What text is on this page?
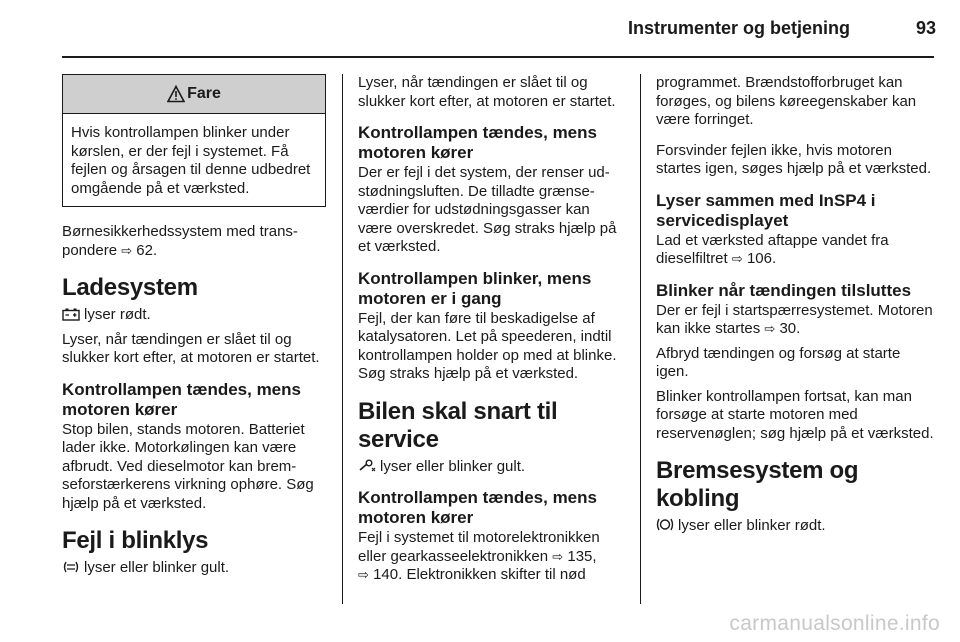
Instrumenter og betjening	93
Fare

Hvis kontrollampen blinker under kørslen, er der fejl i systemet. Få fejlen og årsagen til denne udbedret omgående på et værksted.

Børnesikkerhedssystem med transpondere ⇨ 62.

Ladesystem

lyser rødt.

Lyser, når tændingen er slået til og slukker kort efter, at motoren er startet.

Kontrollampen tændes, mens motoren kører

Stop bilen, stands motoren. Batteriet lader ikke. Motorkølingen kan være afbrudt. Ved dieselmotor kan bremseforstærkerens virkning ophøre. Søg hjælp på et værksted.

Fejl i blinklys

lyser eller blinker gult.

Lyser, når tændingen er slået til og slukker kort efter, at motoren er startet.

Kontrollampen tændes, mens motoren kører

Der er fejl i det system, der renser udstødningsluften. De tilladte grænseværdier for udstødningsgasser kan være overskredet. Søg straks hjælp på et værksted.

Kontrollampen blinker, mens motoren er i gang

Fejl, der kan føre til beskadigelse af katalysatoren. Let på speederen, indtil kontrollampen holder op med at blinke. Søg straks hjælp på et værksted.

Bilen skal snart til service

lyser eller blinker gult.

Kontrollampen tændes, mens motoren kører

Fejl i systemet til motorelektronikken eller gearkasseelektronikken ⇨ 135,
⇨ 140. Elektronikken skifter til nød

programmet. Brændstofforbruget kan forøges, og bilens køreegenskaber kan være forringet.

Forsvinder fejlen ikke, hvis motoren startes igen, søges hjælp på et værksted.

Lyser sammen med InSP4 i servicedisplayet

Lad et værksted aftappe vandet fra dieselfiltret ⇨ 106.

Blinker når tændingen tilsluttes

Der er fejl i startspærresystemet. Motoren kan ikke startes ⇨ 30.

Afbryd tændingen og forsøg at starte igen.

Blinker kontrollampen fortsat, kan man forsøge at starte motoren med reservenøglen; søg hjælp på et værksted.

Bremsesystem og kobling

lyser eller blinker rødt.

carmanualsonline.info
